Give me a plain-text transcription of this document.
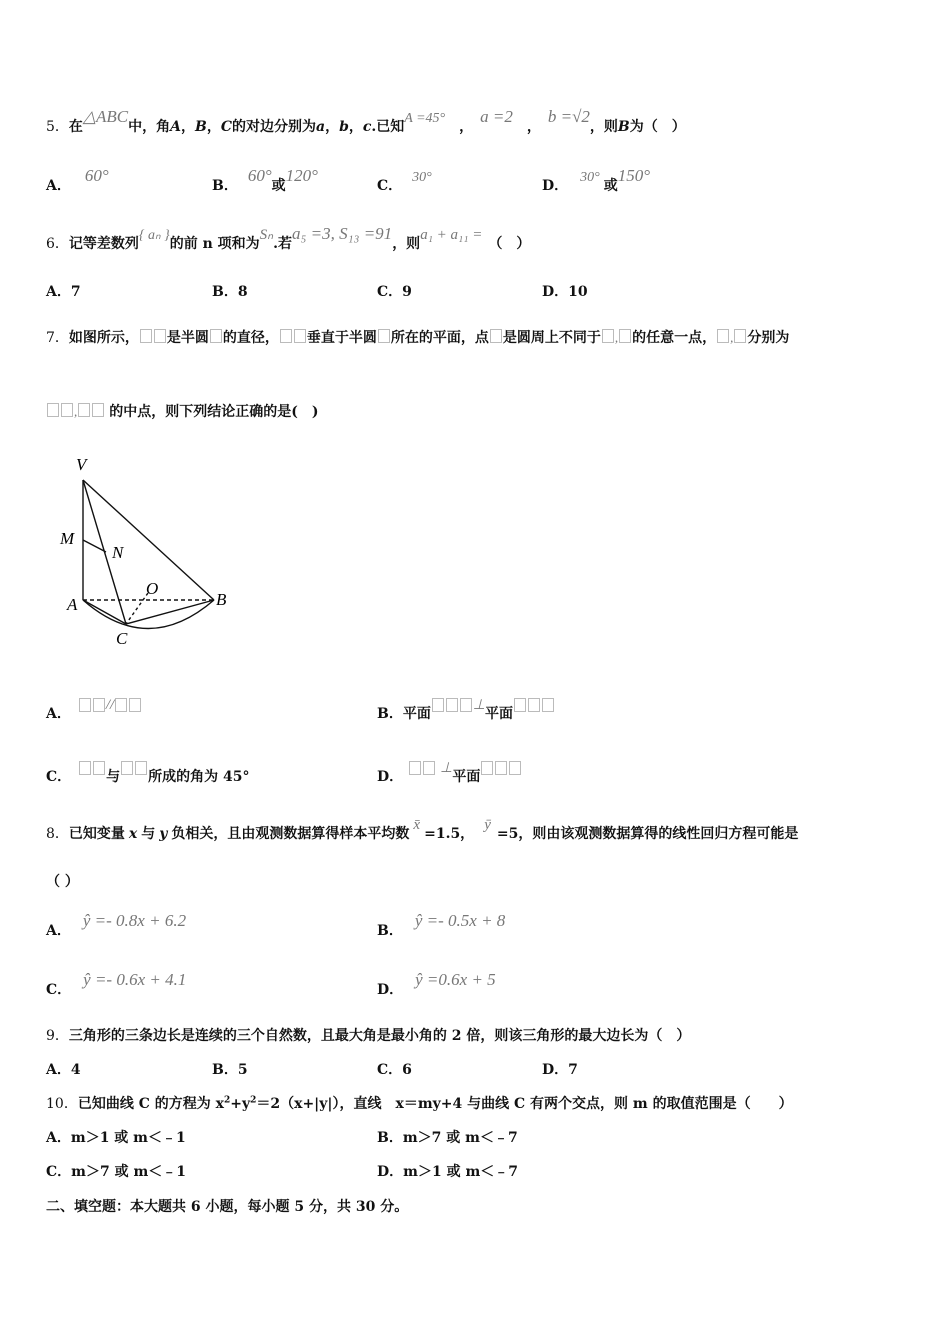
5．在△ABC中，角A，B，C的对边分别为a，b，c.已知A =45°　，　a =2　，　b =√2，则B为（　）
A．60°
B．60°或120°
C．30°
D．30°或150°
6．记等差数列{ aₙ }的前 n 项和为Sₙ.若a₅ =3, S₁₃ =91，则a₁ + a₁₁ =（　）
A．7	B．8	C．9	D．10
7．如图所示， 是半圆 的直径， 垂直于半圆 所在的平面，点 是圆周上不同于 , 的任意一点， , 分别为
, 的中点，则下列结论正确的是(　)
V
M
N
O
A	B
C
A．//
B．平面⊥平面
C．	与 所成的角为 45°	D．⊥平面
8．已知变量 x 与 y 负相关，且由观测数据算得样本平均数x̄=1.5，ȳ=5，则由该观测数据算得的线性回归方程可能是
（ ）
A．ŷ =- 0.8x + 6.2
B．ŷ =- 0.5x + 8
C．ŷ =- 0.6x + 4.1
D．ŷ =0.6x + 5
9．三角形的三条边长是连续的三个自然数，且最大角是最小角的 2 倍，则该三角形的最大边长为（　）
A．4	B．5	C．6	D．7
10．已知曲线 C 的方程为 $x^2+y^2=2(x+|y|)$，直线　x＝my+4 与曲线 C 有两个交点，则 m 的取值范围是（　　）
A．m＞1 或 m＜﹣1	B．m＞7 或 m＜﹣7
C．m＞7 或 m＜﹣1	D．m＞1 或 m＜﹣7
二、填空题：本大题共 6 小题，每小题 5 分，共 30 分。
